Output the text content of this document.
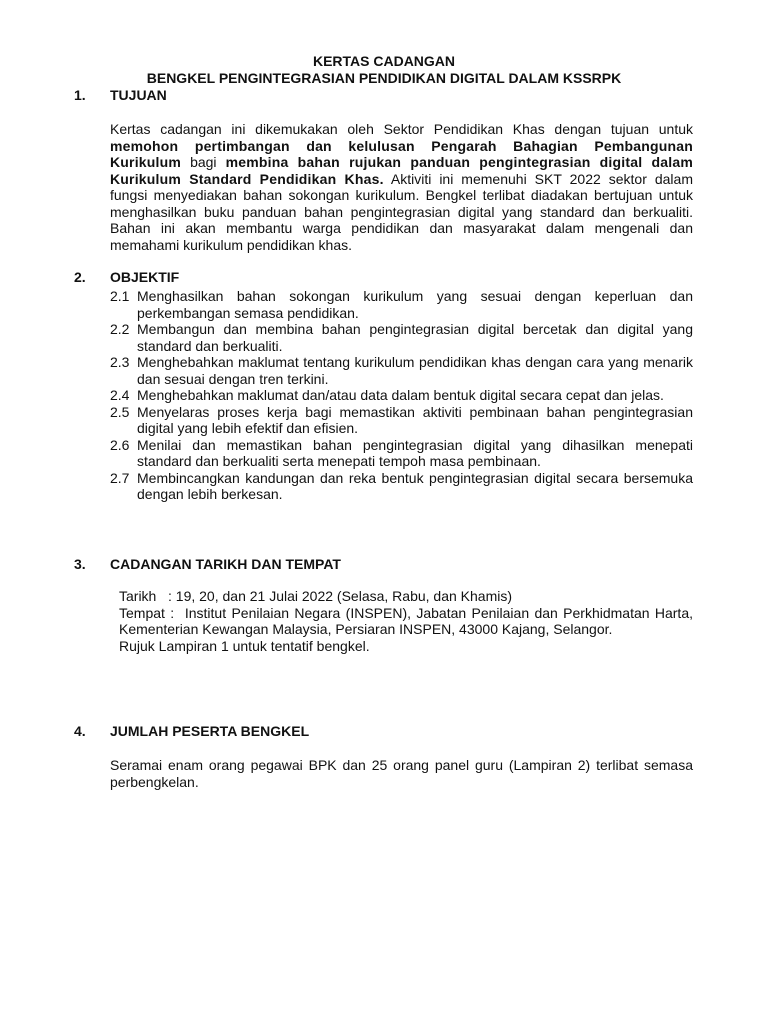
KERTAS CADANGAN
BENGKEL PENGINTEGRASIAN PENDIDIKAN DIGITAL DALAM KSSRPK
1. TUJUAN

Kertas cadangan ini dikemukakan oleh Sektor Pendidikan Khas dengan tujuan untuk memohon pertimbangan dan kelulusan Pengarah Bahagian Pembangunan Kurikulum bagi membina bahan rujukan panduan pengintegrasian digital dalam Kurikulum Standard Pendidikan Khas. Aktiviti ini memenuhi SKT 2022 sektor dalam fungsi menyediakan bahan sokongan kurikulum. Bengkel terlibat diadakan bertujuan untuk menghasilkan buku panduan bahan pengintegrasian digital yang standard dan berkualiti. Bahan ini akan membantu warga pendidikan dan masyarakat dalam mengenali dan memahami kurikulum pendidikan khas.

2. OBJEKTIF
2.1 Menghasilkan bahan sokongan kurikulum yang sesuai dengan keperluan dan perkembangan semasa pendidikan.
2.2 Membangun dan membina bahan pengintegrasian digital bercetak dan digital yang standard dan berkualiti.
2.3 Menghebahkan maklumat tentang kurikulum pendidikan khas dengan cara yang menarik dan sesuai dengan tren terkini.
2.4 Menghebahkan maklumat dan/atau data dalam bentuk digital secara cepat dan jelas.
2.5 Menyelaras proses kerja bagi memastikan aktiviti pembinaan bahan pengintegrasian digital yang lebih efektif dan efisien.
2.6 Menilai dan memastikan bahan pengintegrasian digital yang dihasilkan menepati standard dan berkualiti serta menepati tempoh masa pembinaan.
2.7 Membincangkan kandungan dan reka bentuk pengintegrasian digital secara bersemuka dengan lebih berkesan.
3. CADANGAN TARIKH DAN TEMPAT
Tarikh   : 19, 20, dan 21 Julai 2022 (Selasa, Rabu, dan Khamis)
Tempat : Institut Penilaian Negara (INSPEN), Jabatan Penilaian dan Perkhidmatan Harta, Kementerian Kewangan Malaysia, Persiaran INSPEN, 43000 Kajang, Selangor.
Rujuk Lampiran 1 untuk tentatif bengkel.
4. JUMLAH PESERTA BENGKEL

Seramai enam orang pegawai BPK dan 25 orang panel guru (Lampiran 2) terlibat semasa perbengkelan.
